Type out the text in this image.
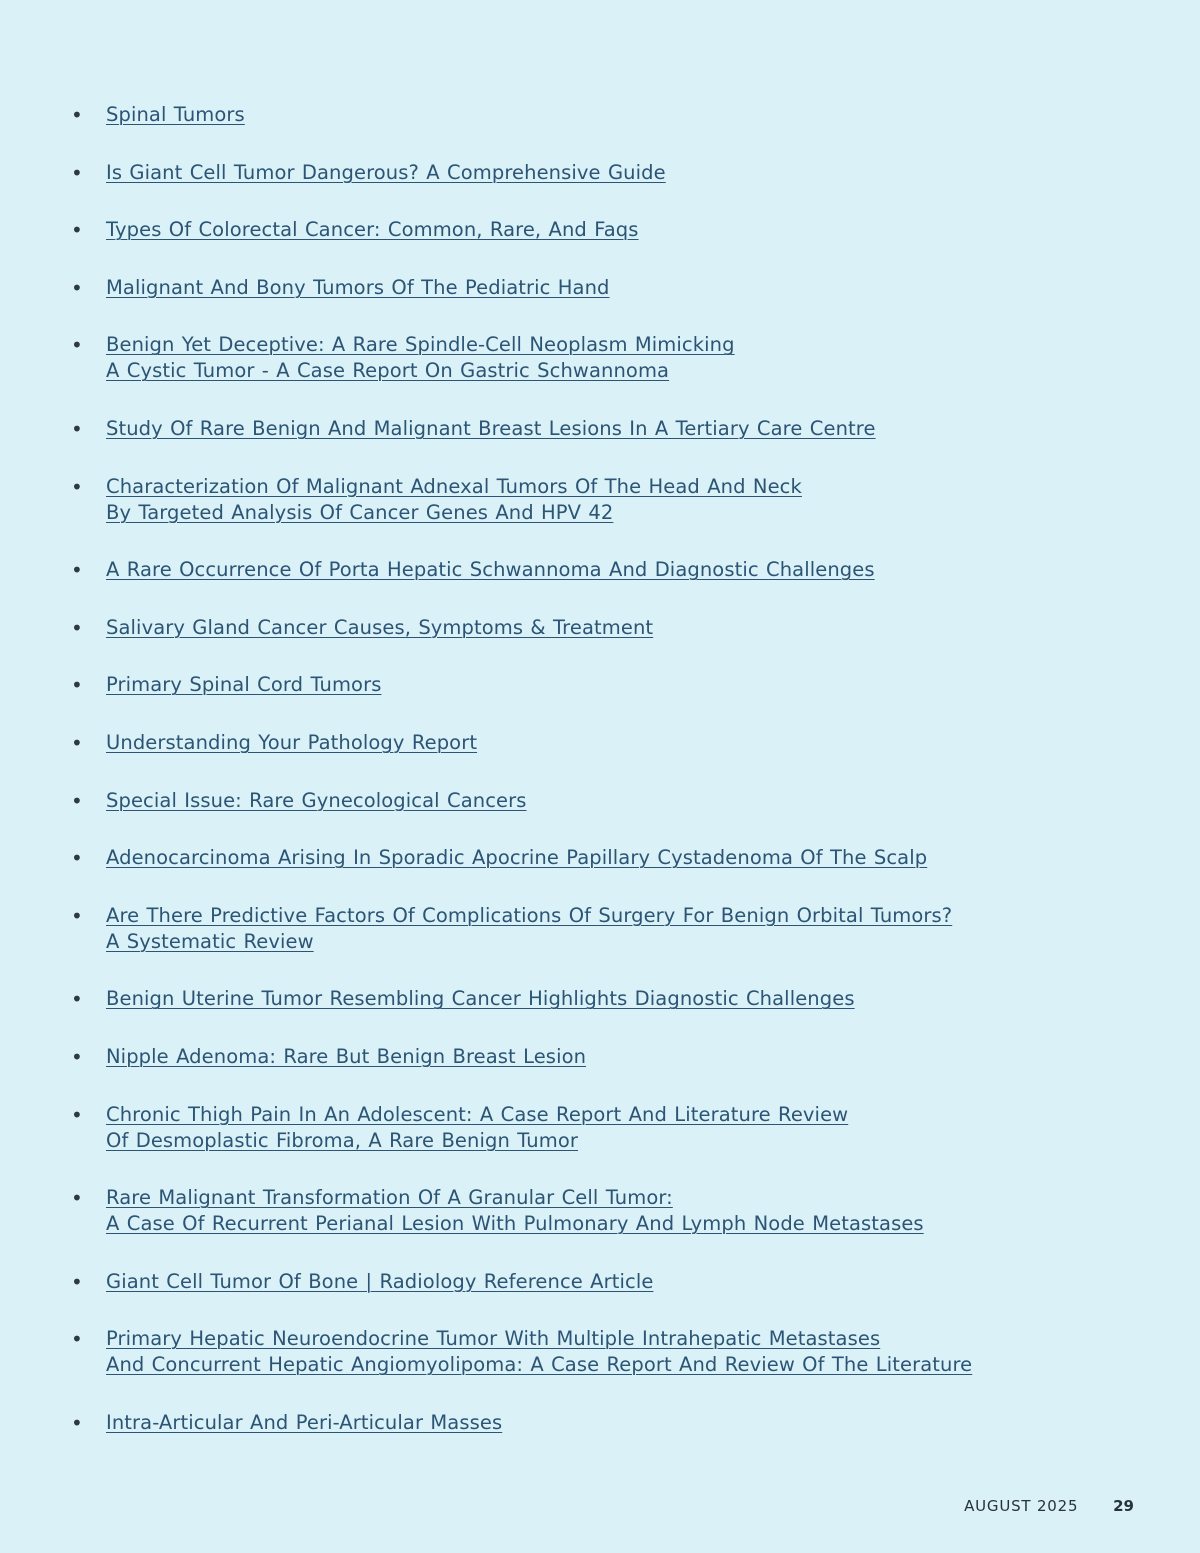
• Spinal Tumors
• Is Giant Cell Tumor Dangerous? A Comprehensive Guide
• Types Of Colorectal Cancer: Common, Rare, And Faqs
• Malignant And Bony Tumors Of The Pediatric Hand
• Benign Yet Deceptive: A Rare Spindle-Cell Neoplasm Mimicking
A Cystic Tumor - A Case Report On Gastric Schwannoma
• Study Of Rare Benign And Malignant Breast Lesions In A Tertiary Care Centre
• Characterization Of Malignant Adnexal Tumors Of The Head And Neck
By Targeted Analysis Of Cancer Genes And HPV 42
• A Rare Occurrence Of Porta Hepatic Schwannoma And Diagnostic Challenges
• Salivary Gland Cancer Causes, Symptoms & Treatment
• Primary Spinal Cord Tumors
• Understanding Your Pathology Report
• Special Issue: Rare Gynecological Cancers
• Adenocarcinoma Arising In Sporadic Apocrine Papillary Cystadenoma Of The Scalp
• Are There Predictive Factors Of Complications Of Surgery For Benign Orbital Tumors?
A Systematic Review
• Benign Uterine Tumor Resembling Cancer Highlights Diagnostic Challenges
• Nipple Adenoma: Rare But Benign Breast Lesion
• Chronic Thigh Pain In An Adolescent: A Case Report And Literature Review
Of Desmoplastic Fibroma, A Rare Benign Tumor
• Rare Malignant Transformation Of A Granular Cell Tumor:
A Case Of Recurrent Perianal Lesion With Pulmonary And Lymph Node Metastases
• Giant Cell Tumor Of Bone | Radiology Reference Article
• Primary Hepatic Neuroendocrine Tumor With Multiple Intrahepatic Metastases
And Concurrent Hepatic Angiomyolipoma: A Case Report And Review Of The Literature
• Intra-Articular And Peri-Articular Masses
AUGUST 2025 29
